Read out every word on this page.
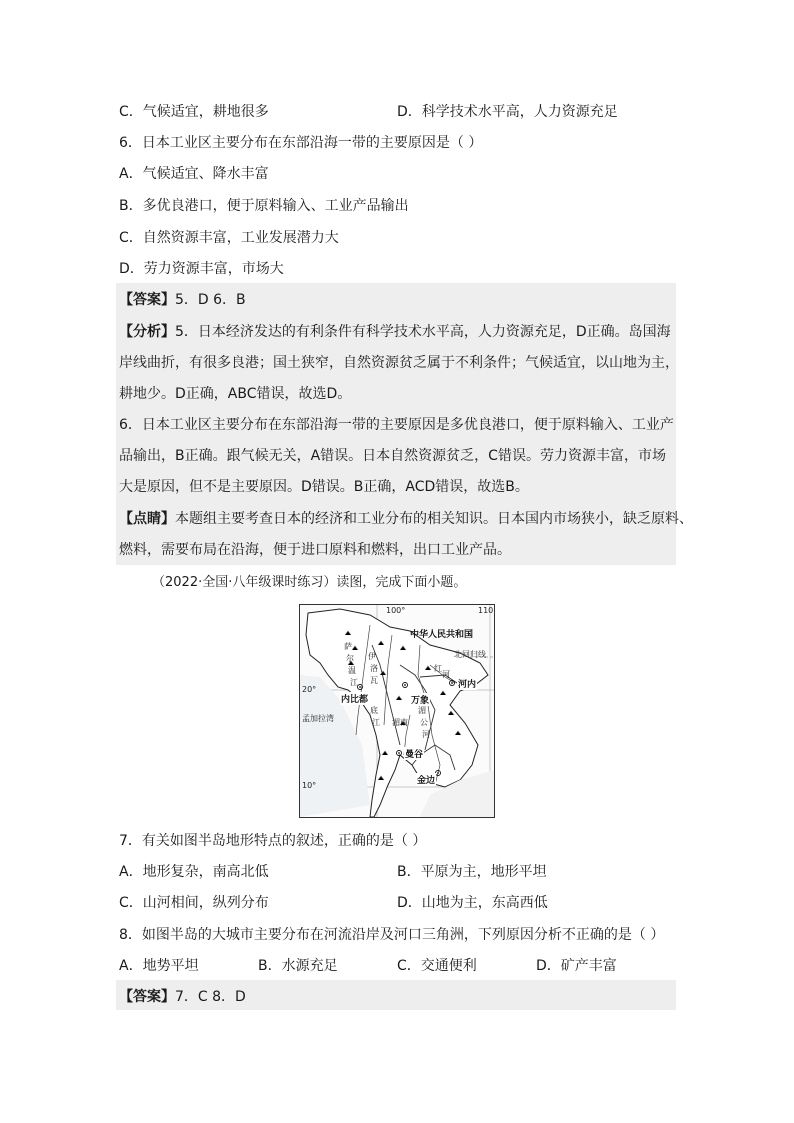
C．气候适宜，耕地很多	D．科学技术水平高，人力资源充足
6．日本工业区主要分布在东部沿海一带的主要原因是（ ）
A．气候适宜、降水丰富
B．多优良港口，便于原料输入、工业产品输出
C．自然资源丰富，工业发展潜力大
D．劳力资源丰富，市场大
【答案】5．D 6．B
【分析】5．日本经济发达的有利条件有科学技术水平高，人力资源充足，D正确。岛国海
岸线曲折，有很多良港；国土狭窄，自然资源贫乏属于不利条件；气候适宜，以山地为主，
耕地少。D正确，ABC错误，故选D。
6．日本工业区主要分布在东部沿海一带的主要原因是多优良港口，便于原料输入、工业产
品输出，B正确。跟气候无关，A错误。日本自然资源贫乏，C错误。劳力资源丰富，市场
大是原因，但不是主要原因。D错误。B正确，ACD错误，故选B。
【点睛】本题组主要考查日本的经济和工业分布的相关知识。日本国内市场狭小，缺乏原料、
燃料，需要布局在沿海，便于进口原料和燃料，出口工业产品。
（2022·全国·八年级课时练习）读图，完成下面小题。
100°	110
20°
10°
中华人民共和国
北回归线
河内
万象
内比都
曼谷
金边
孟加拉湾
萨
尔
温
江
伊
洛
瓦
底
江
湄
公
河
红
河
湄南
7．有关如图半岛地形特点的叙述，正确的是（ ）
A．地形复杂，南高北低	B．平原为主，地形平坦
C．山河相间，纵列分布	D．山地为主，东高西低
8．如图半岛的大城市主要分布在河流沿岸及河口三角洲，下列原因分析不正确的是（ ）
A．地势平坦	B．水源充足	C．交通便利	D．矿产丰富
【答案】7．C 8．D
